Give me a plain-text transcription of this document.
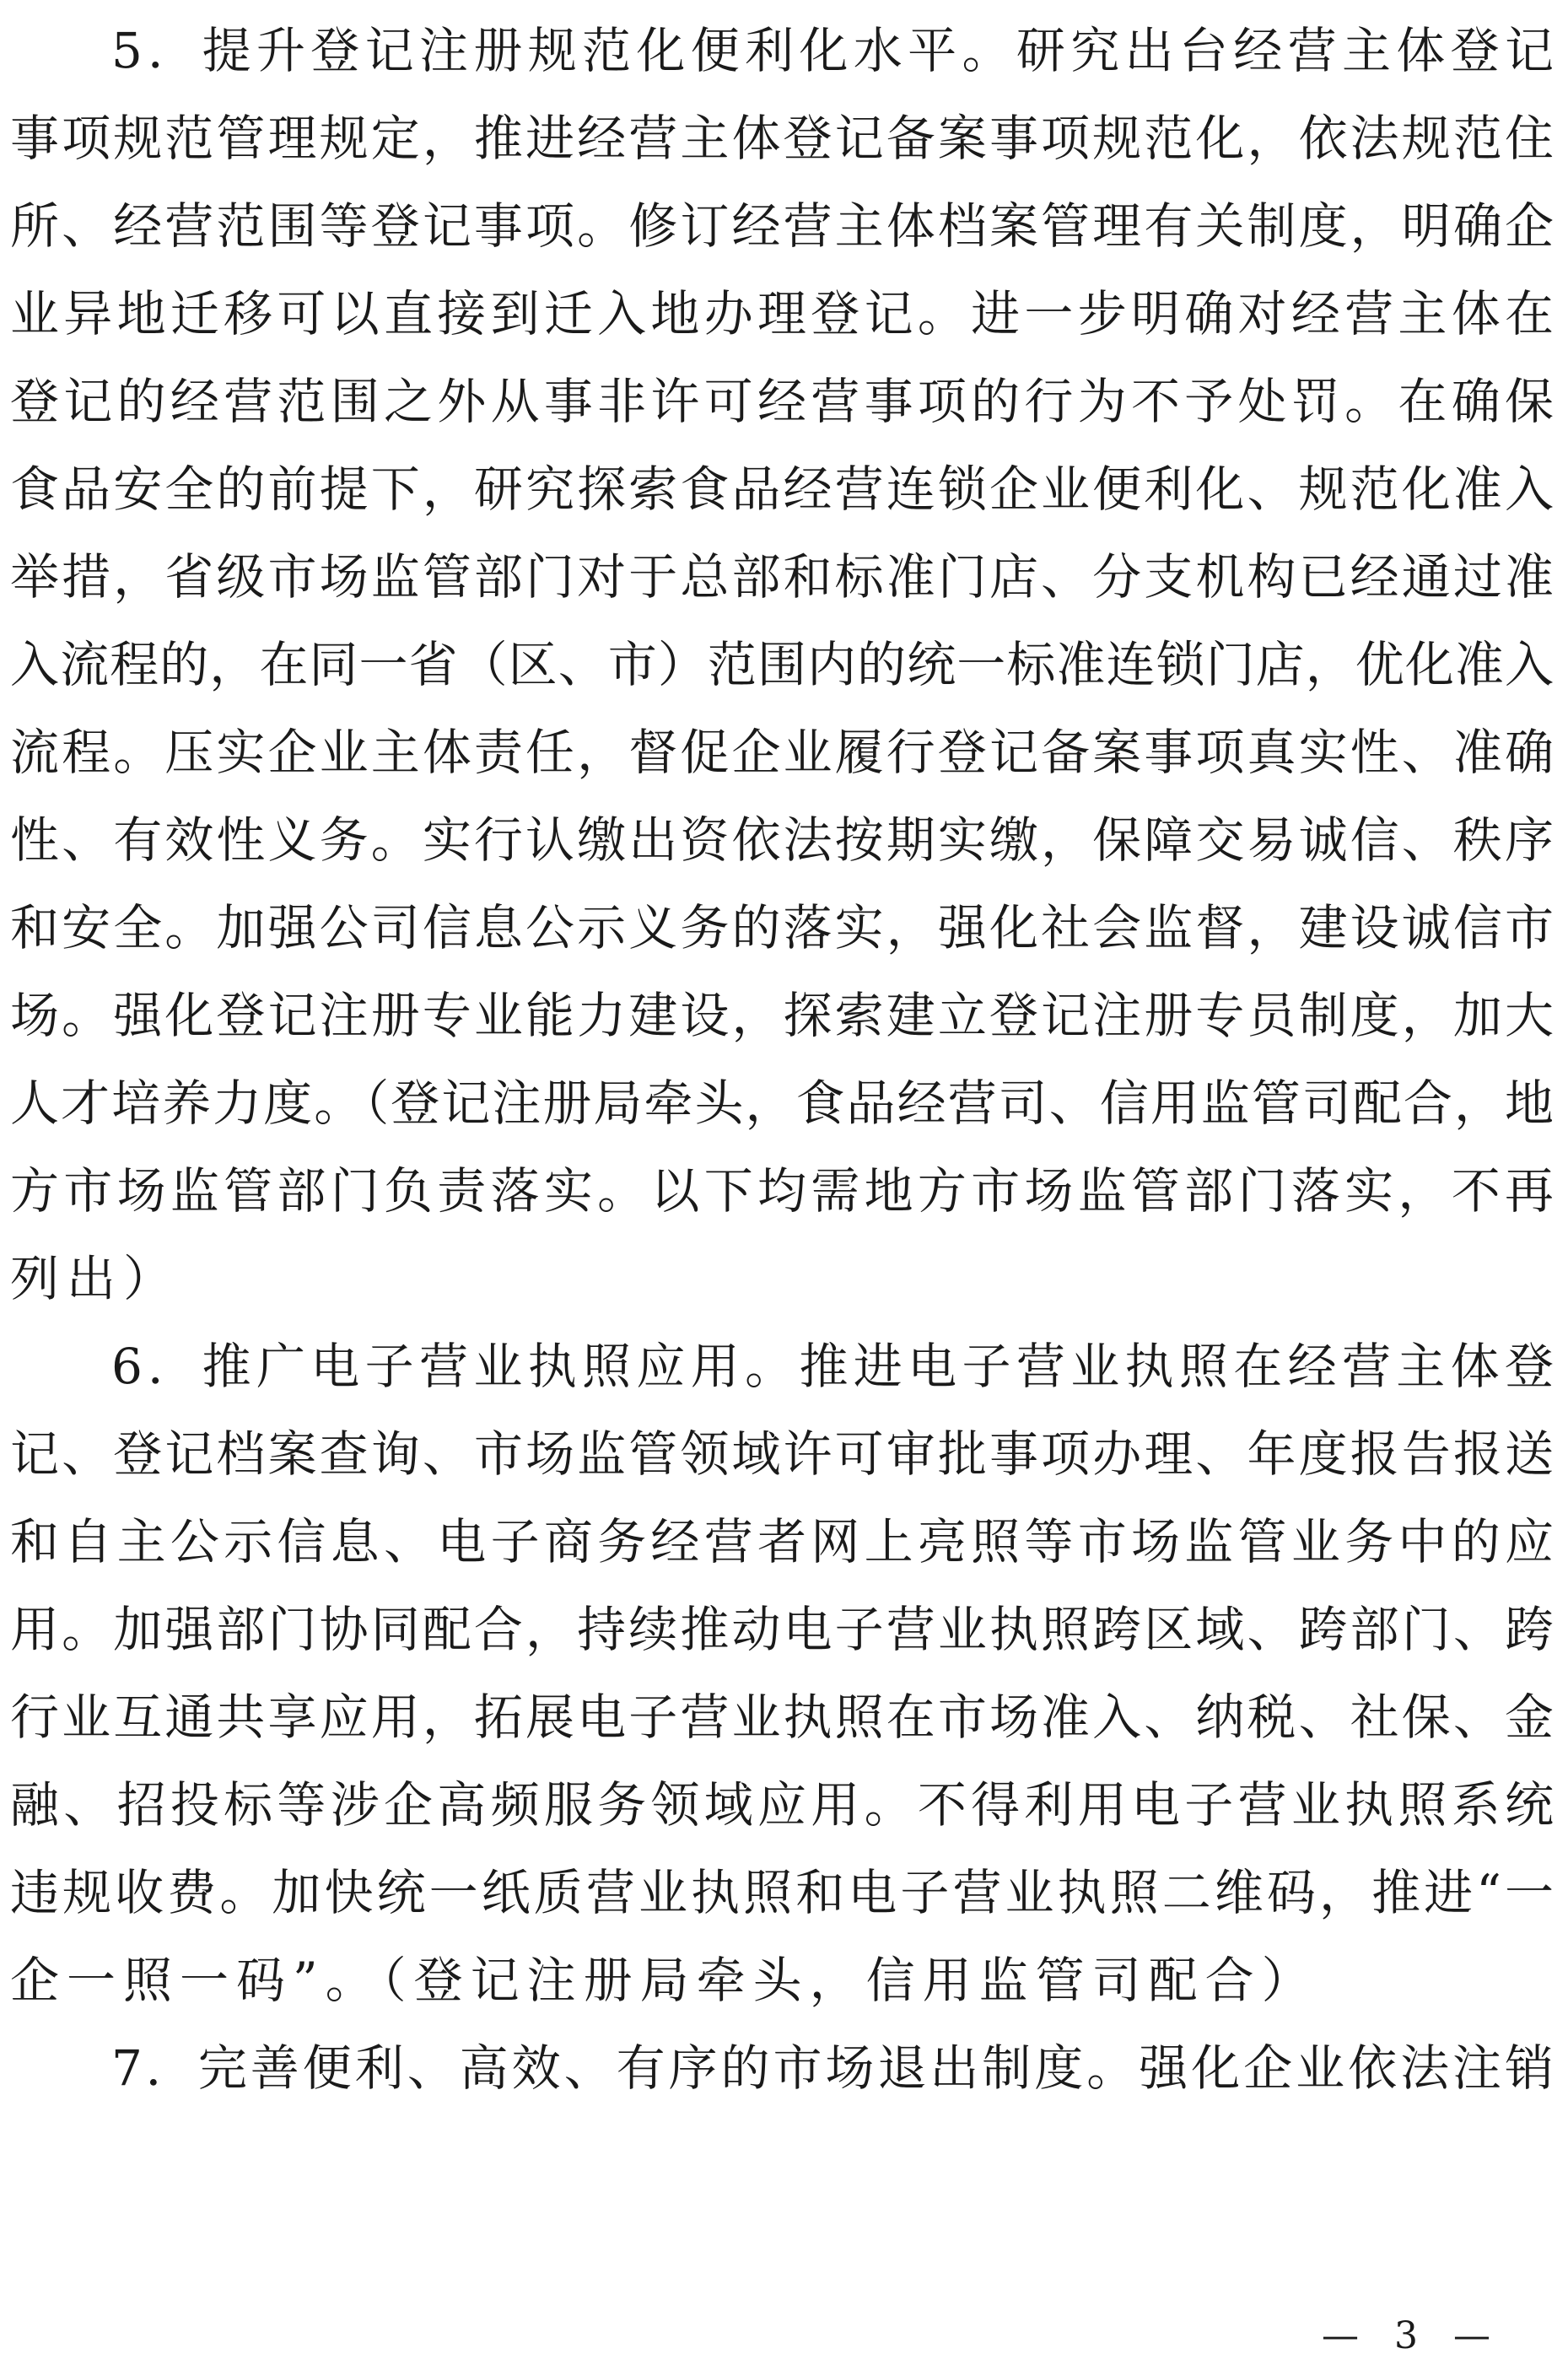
5．提升登记注册规范化便利化水平。研究出台经营主体登记
事项规范管理规定，推进经营主体登记备案事项规范化，依法规范住
所、经营范围等登记事项。修订经营主体档案管理有关制度，明确企
业异地迁移可以直接到迁入地办理登记。进一步明确对经营主体在
登记的经营范围之外从事非许可经营事项的行为不予处罚。在确保
食品安全的前提下，研究探索食品经营连锁企业便利化、规范化准入
举措，省级市场监管部门对于总部和标准门店、分支机构已经通过准
入流程的，在同一省（区、市）范围内的统一标准连锁门店，优化准入
流程。压实企业主体责任，督促企业履行登记备案事项真实性、准确
性、有效性义务。实行认缴出资依法按期实缴，保障交易诚信、秩序
和安全。加强公司信息公示义务的落实，强化社会监督，建设诚信市
场。强化登记注册专业能力建设，探索建立登记注册专员制度，加大
人才培养力度。（登记注册局牵头，食品经营司、信用监管司配合，地
方市场监管部门负责落实。以下均需地方市场监管部门落实，不再
列出）
6．推广电子营业执照应用。推进电子营业执照在经营主体登
记、登记档案查询、市场监管领域许可审批事项办理、年度报告报送
和自主公示信息、电子商务经营者网上亮照等市场监管业务中的应
用。加强部门协同配合，持续推动电子营业执照跨区域、跨部门、跨
行业互通共享应用，拓展电子营业执照在市场准入、纳税、社保、金
融、招投标等涉企高频服务领域应用。不得利用电子营业执照系统
违规收费。加快统一纸质营业执照和电子营业执照二维码，推进“一
企一照一码”。（登记注册局牵头，信用监管司配合）
7．完善便利、高效、有序的市场退出制度。强化企业依法注销
— 3 —
